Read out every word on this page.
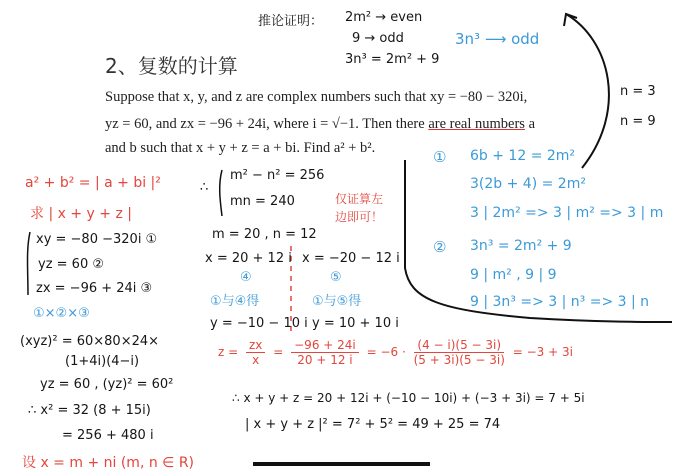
推论证明： 2m² → even
9 → odd
3n³ = 2m² + 9
2、复数的计算
Suppose that x, y, and z are complex numbers such that xy = −80 − 320i,
yz = 60, and zx = −96 + 24i, where i = √−1. Then there are real numbers a
and b such that x + y + z = a + bi. Find a² + b².
3n³ ⟶ odd
n = 3
n = 9
① 6b + 12 = 2m²
3(2b + 4) = 2m²
3 | 2m² => 3 | m² => 3 | m
② 3n³ = 2m² + 9
9 | m² , 9 | 9
9 | 3n³ => 3 | n³ => 3 | n
a² + b² = | a + bi |²
求 | x + y + z |
xy = −80 −320i ①
yz = 60 ②
zx = −96 + 24i ③
①×②×③
(xyz)² = 60×80×24×
(1+4i)(4−i)
yz = 60 , (yz)² = 60²
∴ x² = 32 (8 + 15i)
= 256 + 480 i
设 x = m + ni (m, n ∈ R)
∴
m² − n² = 256
mn = 240	仅证算左
边即可！
m = 20 , n = 12
x = 20 + 12 i
④
①与④得
y = −10 − 10 i
x = −20 − 12 i
⑤
①与⑤得
y = 10 + 10 i
$z = \frac{zx}{x} = \frac{-96 + 24i}{20 + 12 i} = -6 \cdot \frac{(4 - i)(5 - 3i)}{(5 + 3i)(5 - 3i)} = -3 + 3i$
∴ x + y + z = 20 + 12i + (−10 − 10i) + (−3 + 3i) = 7 + 5i
| x + y + z |² = 7² + 5² = 49 + 25 = 74
